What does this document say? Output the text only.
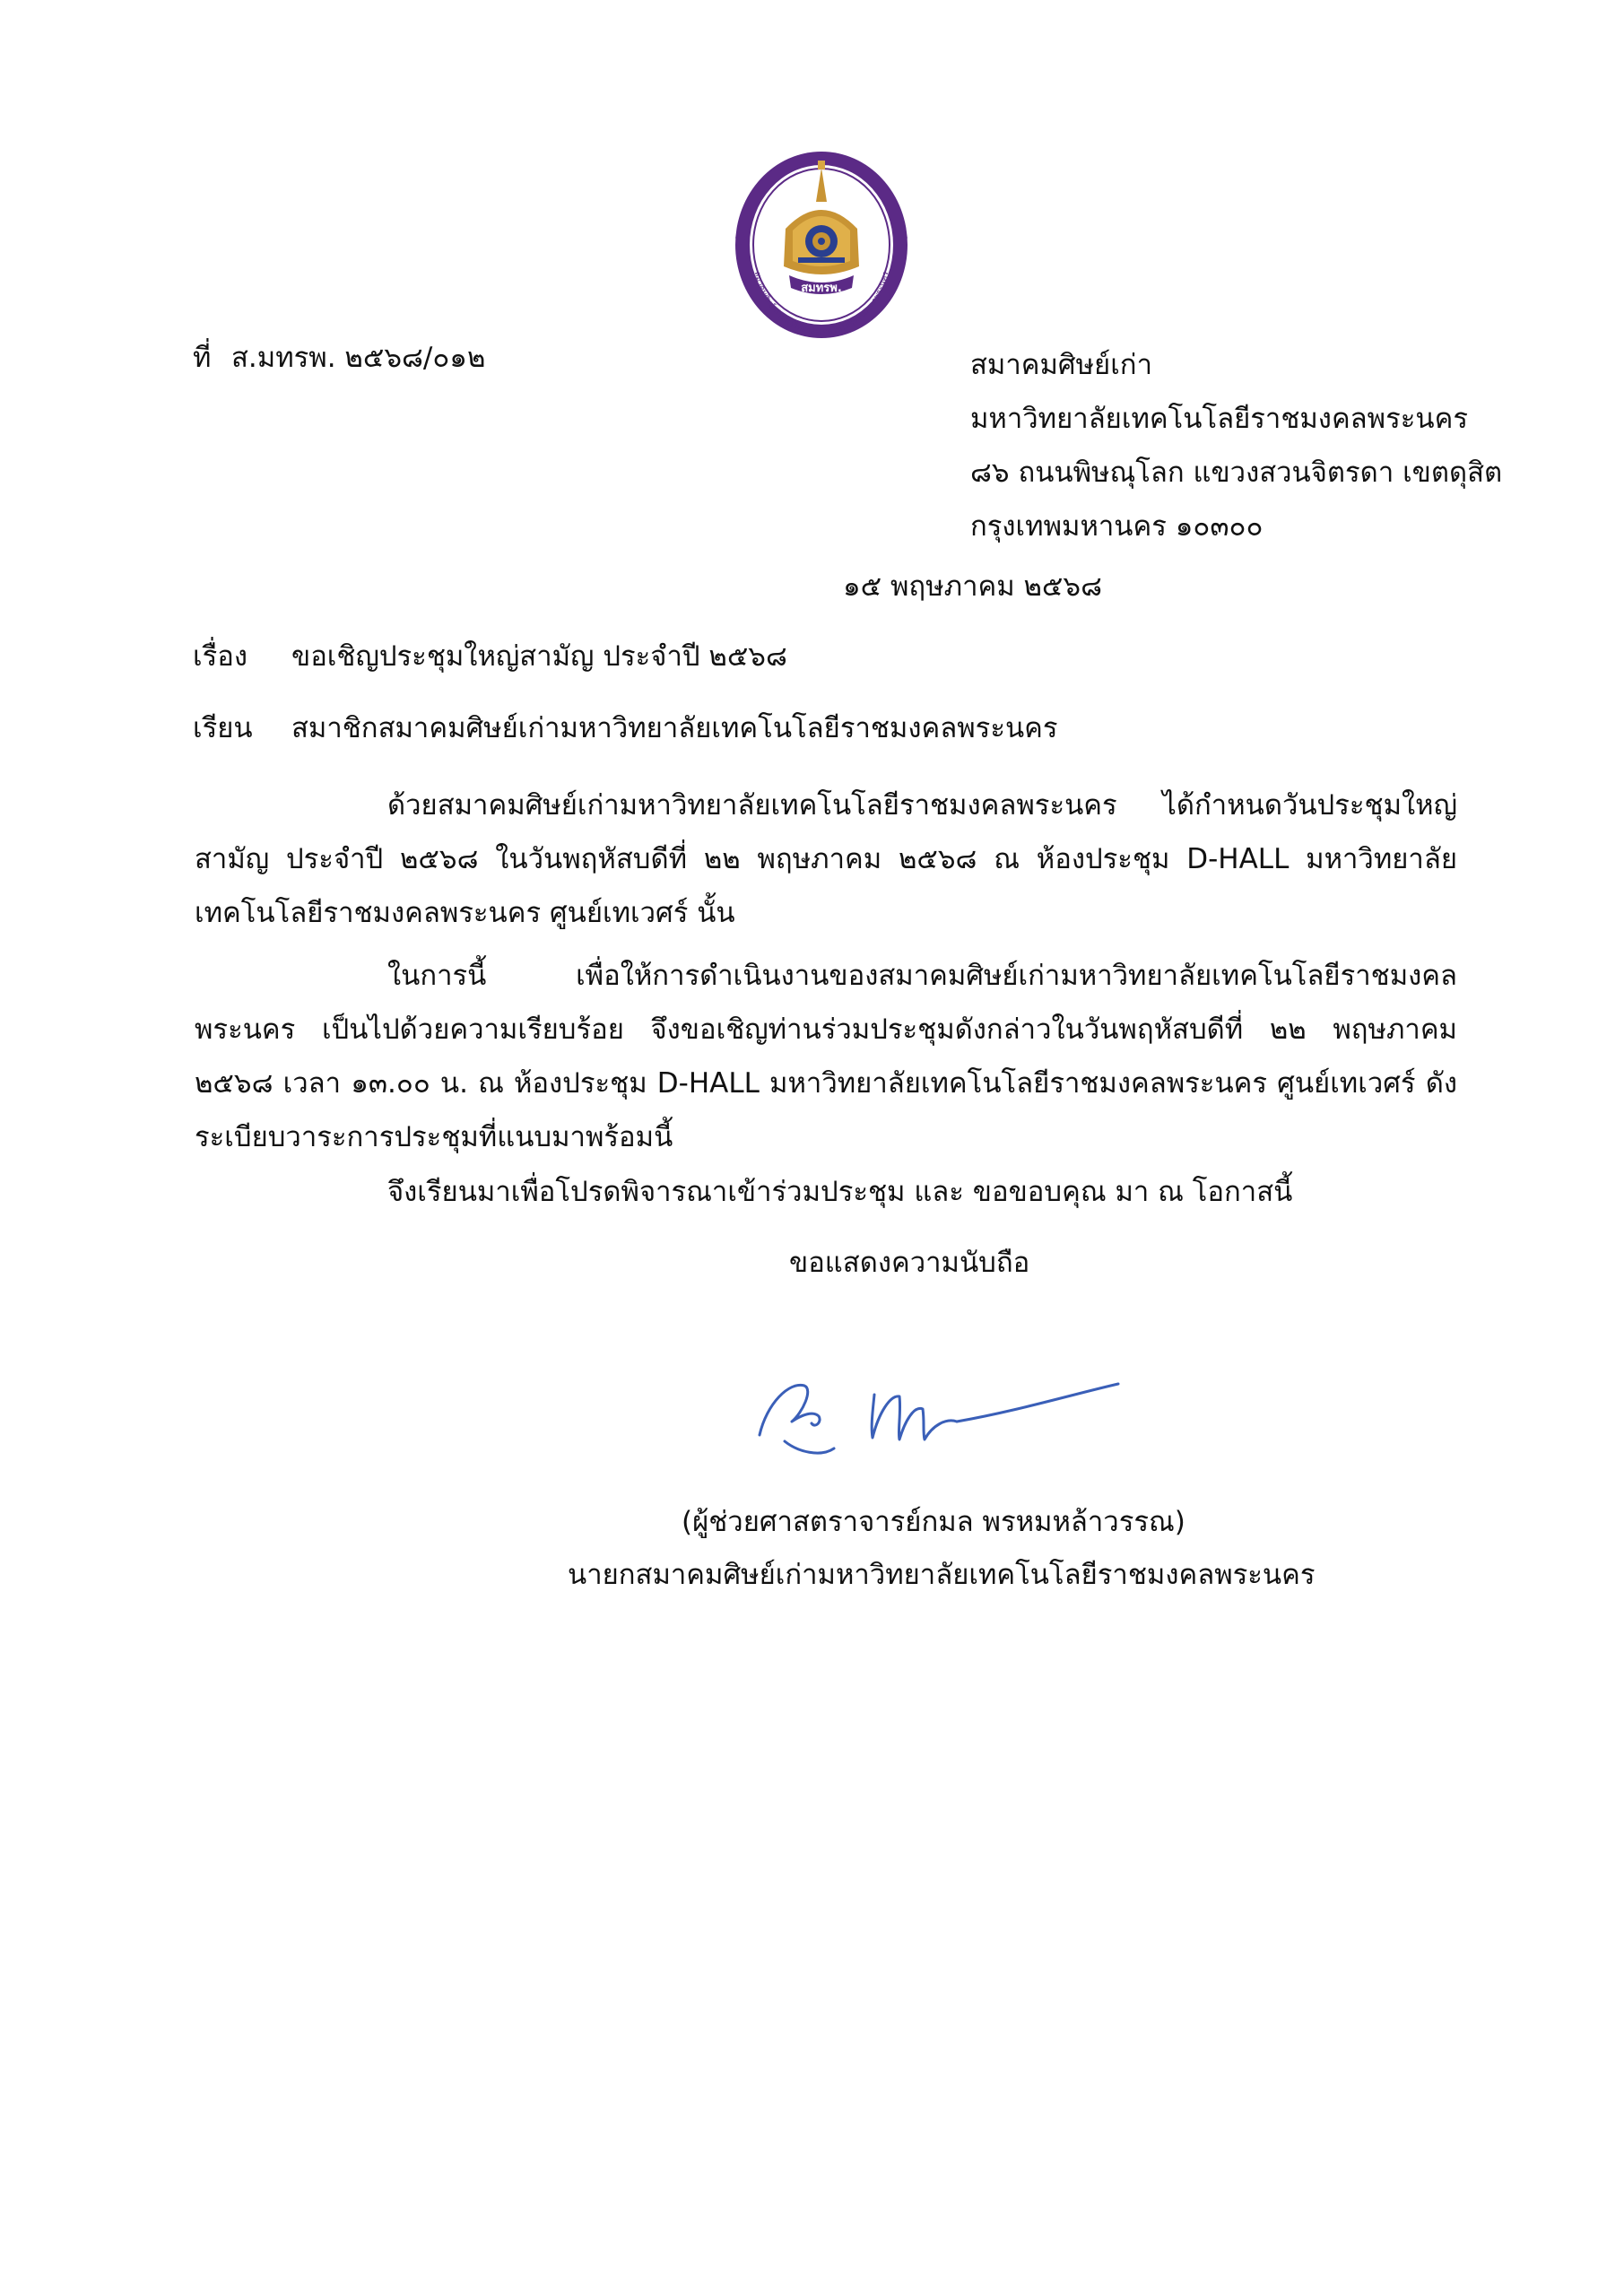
สมทรพ.
สมาคมศิษย์เก่ามหาวิทยาลัยเทคโนโลยีราชมงคลพระนคร
ที่ ส.มทรพ. ๒๕๖๘/๐๑๒	สมาคมศิษย์เก่า
มหาวิทยาลัยเทคโนโลยีราชมงคลพระนคร
๘๖ ถนนพิษณุโลก แขวงสวนจิตรดา เขตดุสิต
กรุงเทพมหานคร ๑๐๓๐๐
๑๕ พฤษภาคม ๒๕๖๘
เรื่อง ขอเชิญประชุมใหญ่สามัญ ประจำปี ๒๕๖๘
เรียน สมาชิกสมาคมศิษย์เก่ามหาวิทยาลัยเทคโนโลยีราชมงคลพระนคร
ด้วยสมาคมศิษย์เก่ามหาวิทยาลัยเทคโนโลยีราชมงคลพระนคร ได้กำหนดวันประชุมใหญ่สามัญ ประจำปี ๒๕๖๘ ในวันพฤหัสบดีที่ ๒๒ พฤษภาคม ๒๕๖๘ ณ ห้องประชุม D-HALL มหาวิทยาลัยเทคโนโลยีราชมงคลพระนคร ศูนย์เทเวศร์ นั้น
ในการนี้ เพื่อให้การดำเนินงานของสมาคมศิษย์เก่ามหาวิทยาลัยเทคโนโลยีราชมงคลพระนคร เป็นไปด้วยความเรียบร้อย จึงขอเชิญท่านร่วมประชุมดังกล่าวในวันพฤหัสบดีที่ ๒๒ พฤษภาคม ๒๕๖๘ เวลา ๑๓.๐๐ น. ณ ห้องประชุม D-HALL มหาวิทยาลัยเทคโนโลยีราชมงคลพระนคร ศูนย์เทเวศร์ ดังระเบียบวาระการประชุมที่แนบมาพร้อมนี้
จึงเรียนมาเพื่อโปรดพิจารณาเข้าร่วมประชุม และ ขอขอบคุณ มา ณ โอกาสนี้
ขอแสดงความนับถือ
(ผู้ช่วยศาสตราจารย์กมล พรหมหล้าวรรณ)
นายกสมาคมศิษย์เก่ามหาวิทยาลัยเทคโนโลยีราชมงคลพระนคร
